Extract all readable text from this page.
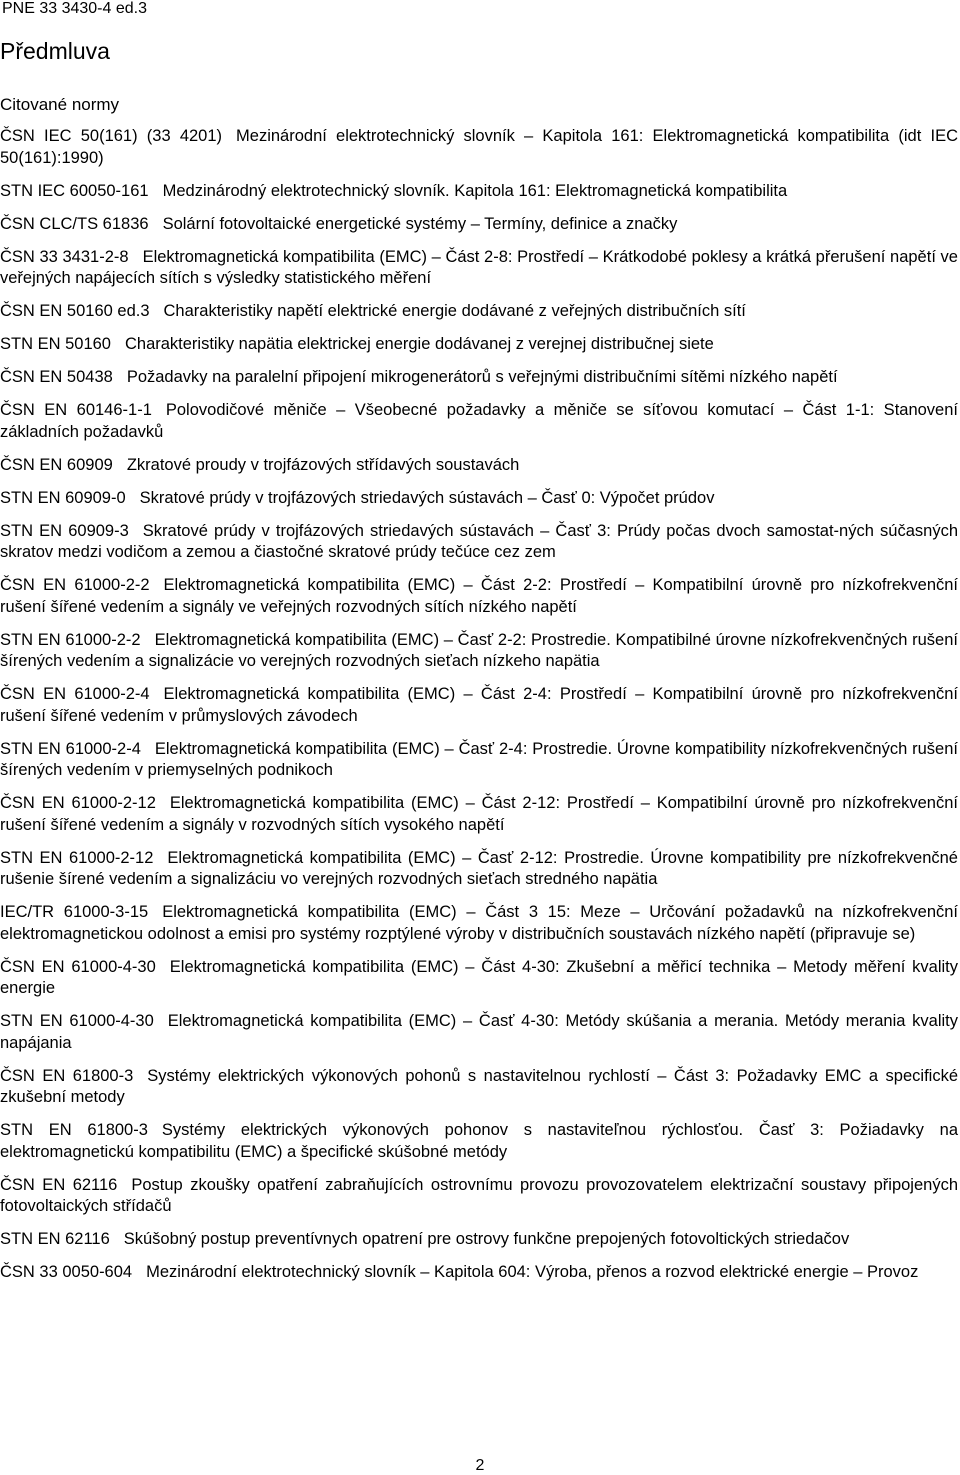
PNE 33 3430-4 ed.3
Předmluva
Citované normy
ČSN IEC 50(161) (33 4201) Mezinárodní elektrotechnický slovník – Kapitola 161: Elektromagnetická kompatibilita (idt IEC 50(161):1990)
STN IEC 60050-161 Medzinárodný elektrotechnický slovník. Kapitola 161: Elektromagnetická kompatibilita
ČSN CLC/TS 61836 Solární fotovoltaické energetické systémy – Termíny, definice a značky
ČSN 33 3431-2-8 Elektromagnetická kompatibilita (EMC) – Část 2-8: Prostředí – Krátkodobé poklesy a krátká přerušení napětí ve veřejných napájecích sítích s výsledky statistického měření
ČSN EN 50160 ed.3 Charakteristiky napětí elektrické energie dodávané z veřejných distribučních sítí
STN EN 50160 Charakteristiky napätia elektrickej energie dodávanej z verejnej distribučnej siete
ČSN EN 50438 Požadavky na paralelní připojení mikrogenerátorů s veřejnými distribučními sítěmi nízkého napětí
ČSN EN 60146-1-1 Polovodičové měniče – Všeobecné požadavky a měniče se síťovou komutací – Část 1-1: Stanovení základních požadavků
ČSN EN 60909 Zkratové proudy v trojfázových střídavých soustavách
STN EN 60909-0 Skratové prúdy v trojfázových striedavých sústavách – Časť 0: Výpočet prúdov
STN EN 60909-3 Skratové prúdy v trojfázových striedavých sústavách – Časť 3: Prúdy počas dvoch samostat-ných súčasných skratov medzi vodičom a zemou a čiastočné skratové prúdy tečúce cez zem
ČSN EN 61000-2-2 Elektromagnetická kompatibilita (EMC) – Část 2-2: Prostředí – Kompatibilní úrovně pro nízkofrekvenční rušení šířené vedením a signály ve veřejných rozvodných sítích nízkého napětí
STN EN 61000-2-2 Elektromagnetická kompatibilita (EMC) – Časť 2-2: Prostredie. Kompatibilné úrovne nízkofrekvenčných rušení šírených vedením a signalizácie vo verejných rozvodných sieťach nízkeho napätia
ČSN EN 61000-2-4 Elektromagnetická kompatibilita (EMC) – Část 2-4: Prostředí – Kompatibilní úrovně pro nízkofrekvenční rušení šířené vedením v průmyslových závodech
STN EN 61000-2-4 Elektromagnetická kompatibilita (EMC) – Časť 2-4: Prostredie. Úrovne kompatibility nízkofrekvenčných rušení šírených vedením v priemyselných podnikoch
ČSN EN 61000-2-12 Elektromagnetická kompatibilita (EMC) – Část 2-12: Prostředí – Kompatibilní úrovně pro nízkofrekvenční rušení šířené vedením a signály v rozvodných sítích vysokého napětí
STN EN 61000-2-12 Elektromagnetická kompatibilita (EMC) – Časť 2-12: Prostredie. Úrovne kompatibility pre nízkofrekvenčné rušenie šírené vedením a signalizáciu vo verejných rozvodných sieťach stredného napätia
IEC/TR 61000-3-15 Elektromagnetická kompatibilita (EMC) – Část 3 15: Meze – Určování požadavků na nízkofrekvenční elektromagnetickou odolnost a emisi pro systémy rozptýlené výroby v distribučních soustavách nízkého napětí (připravuje se)
ČSN EN 61000-4-30 Elektromagnetická kompatibilita (EMC) – Část 4-30: Zkušební a měřicí technika – Metody měření kvality energie
STN EN 61000-4-30 Elektromagnetická kompatibilita (EMC) – Časť 4-30: Metódy skúšania a merania. Metódy merania kvality napájania
ČSN EN 61800-3 Systémy elektrických výkonových pohonů s nastavitelnou rychlostí – Část 3: Požadavky EMC a specifické zkušební metody
STN EN 61800-3 Systémy elektrických výkonových pohonov s nastaviteľnou rýchlosťou. Časť 3: Požiadavky na elektromagnetickú kompatibilitu (EMC) a špecifické skúšobné metódy
ČSN EN 62116 Postup zkoušky opatření zabraňujících ostrovnímu provozu provozovatelem elektrizační soustavy připojených fotovoltaických střídačů
STN EN 62116 Skúšobný postup preventívnych opatrení pre ostrovy funkčne prepojených fotovoltických striedačov
ČSN 33 0050-604 Mezinárodní elektrotechnický slovník – Kapitola 604: Výroba, přenos a rozvod elektrické energie – Provoz
2
